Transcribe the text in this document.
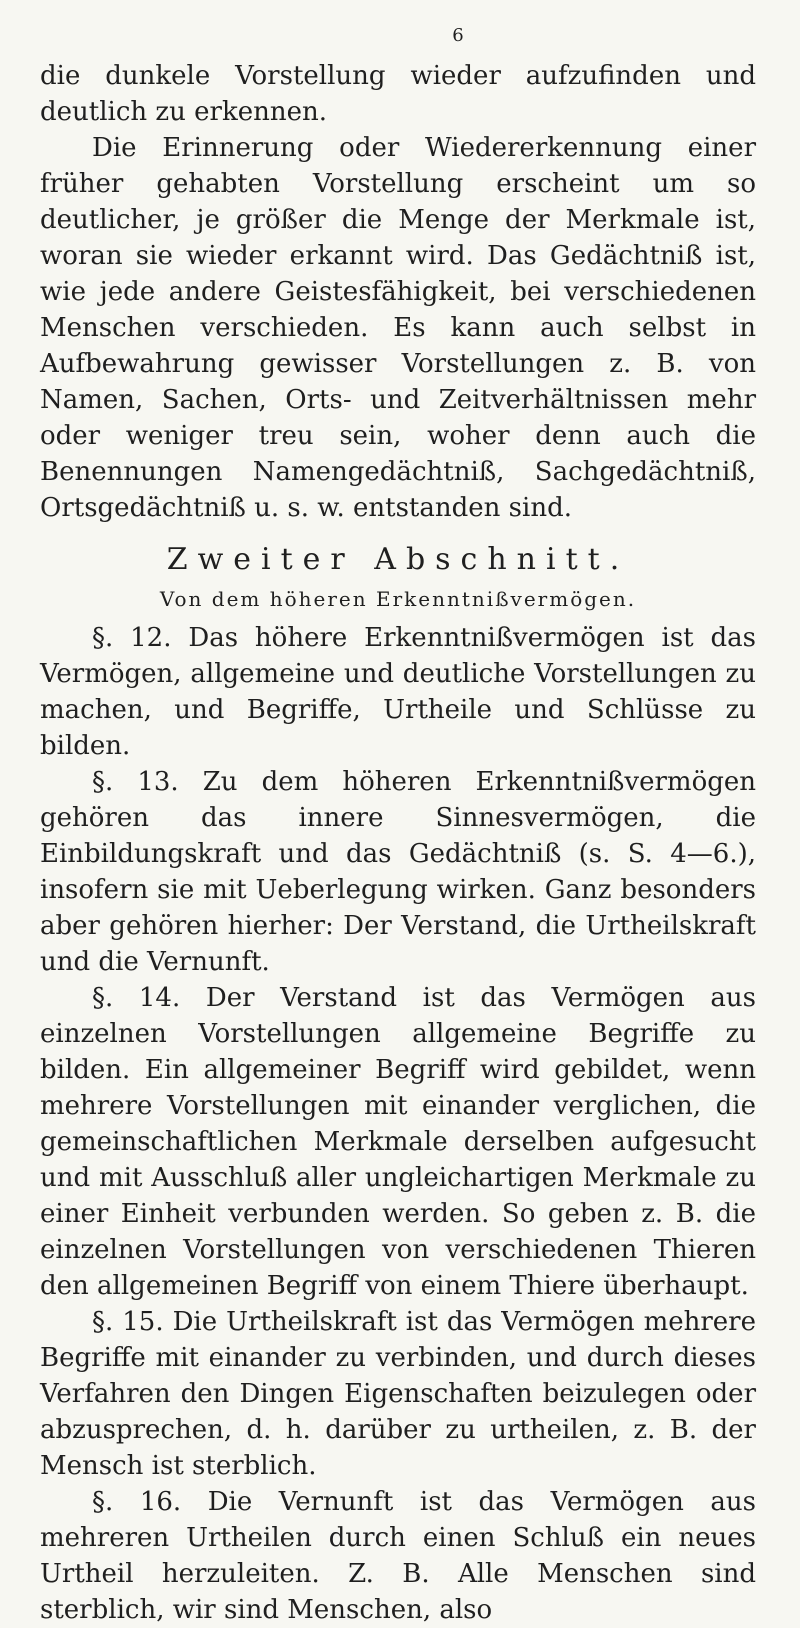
6

die dunkele Vorstellung wieder aufzufinden und deutlich zu erkennen.

Die Erinnerung oder Wiedererkennung einer früher gehabten Vorstellung erscheint um so deutlicher, je größer die Menge der Merkmale ist, woran sie wieder erkannt wird. Das Gedächtniß ist, wie jede andere Geistesfähigkeit, bei verschiedenen Menschen verschieden. Es kann auch selbst in Aufbewahrung gewisser Vorstellungen z. B. von Namen, Sachen, Orts- und Zeitverhältnissen mehr oder weniger treu sein, woher denn auch die Benennungen Namengedächtniß, Sachgedächtniß, Ortsgedächtniß u. s. w. entstanden sind.

Zweiter Abschnitt.
Von dem höheren Erkenntnißvermögen.

§. 12. Das höhere Erkenntnißvermögen ist das Vermögen, allgemeine und deutliche Vorstellungen zu machen, und Begriffe, Urtheile und Schlüsse zu bilden.

§. 13. Zu dem höheren Erkenntnißvermögen gehören das innere Sinnesvermögen, die Einbildungskraft und das Gedächtniß (s. S. 4—6.), insofern sie mit Ueberlegung wirken. Ganz besonders aber gehören hierher: Der Verstand, die Urtheilskraft und die Vernunft.

§. 14. Der Verstand ist das Vermögen aus einzelnen Vorstellungen allgemeine Begriffe zu bilden. Ein allgemeiner Begriff wird gebildet, wenn mehrere Vorstellungen mit einander verglichen, die gemeinschaftlichen Merkmale derselben aufgesucht und mit Ausschluß aller ungleichartigen Merkmale zu einer Einheit verbunden werden. So geben z. B. die einzelnen Vorstellungen von verschiedenen Thieren den allgemeinen Begriff von einem Thiere überhaupt.

§. 15. Die Urtheilskraft ist das Vermögen mehrere Begriffe mit einander zu verbinden, und durch dieses Verfahren den Dingen Eigenschaften beizulegen oder abzusprechen, d. h. darüber zu urtheilen, z. B. der Mensch ist sterblich.

§. 16. Die Vernunft ist das Vermögen aus mehreren Urtheilen durch einen Schluß ein neues Urtheil herzuleiten. Z. B. Alle Menschen sind sterblich, wir sind Menschen, also
